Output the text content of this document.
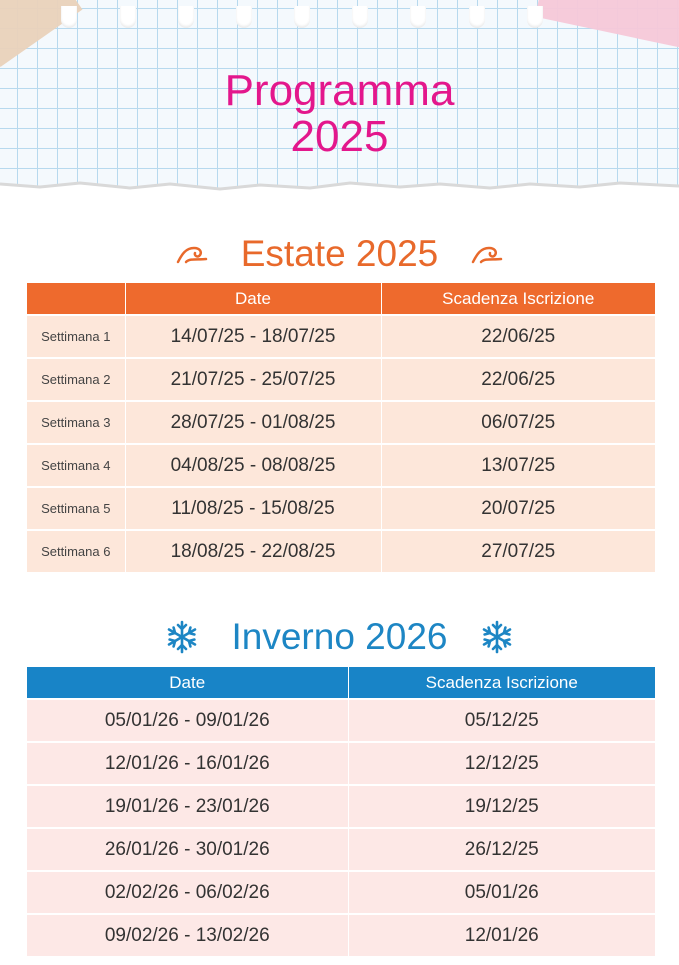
Programma
2025
Estate 2025
	Date	Scadenza Iscrizione
Settimana 1	14/07/25 - 18/07/25	22/06/25
Settimana 2	21/07/25 - 25/07/25	22/06/25
Settimana 3	28/07/25 - 01/08/25	06/07/25
Settimana 4	04/08/25 - 08/08/25	13/07/25
Settimana 5	11/08/25 - 15/08/25	20/07/25
Settimana 6	18/08/25 - 22/08/25	27/07/25
Inverno 2026
Date	Scadenza Iscrizione
05/01/26 - 09/01/26	05/12/25
12/01/26 - 16/01/26	12/12/25
19/01/26 - 23/01/26	19/12/25
26/01/26 - 30/01/26	26/12/25
02/02/26 - 06/02/26	05/01/26
09/02/26 - 13/02/26	12/01/26
